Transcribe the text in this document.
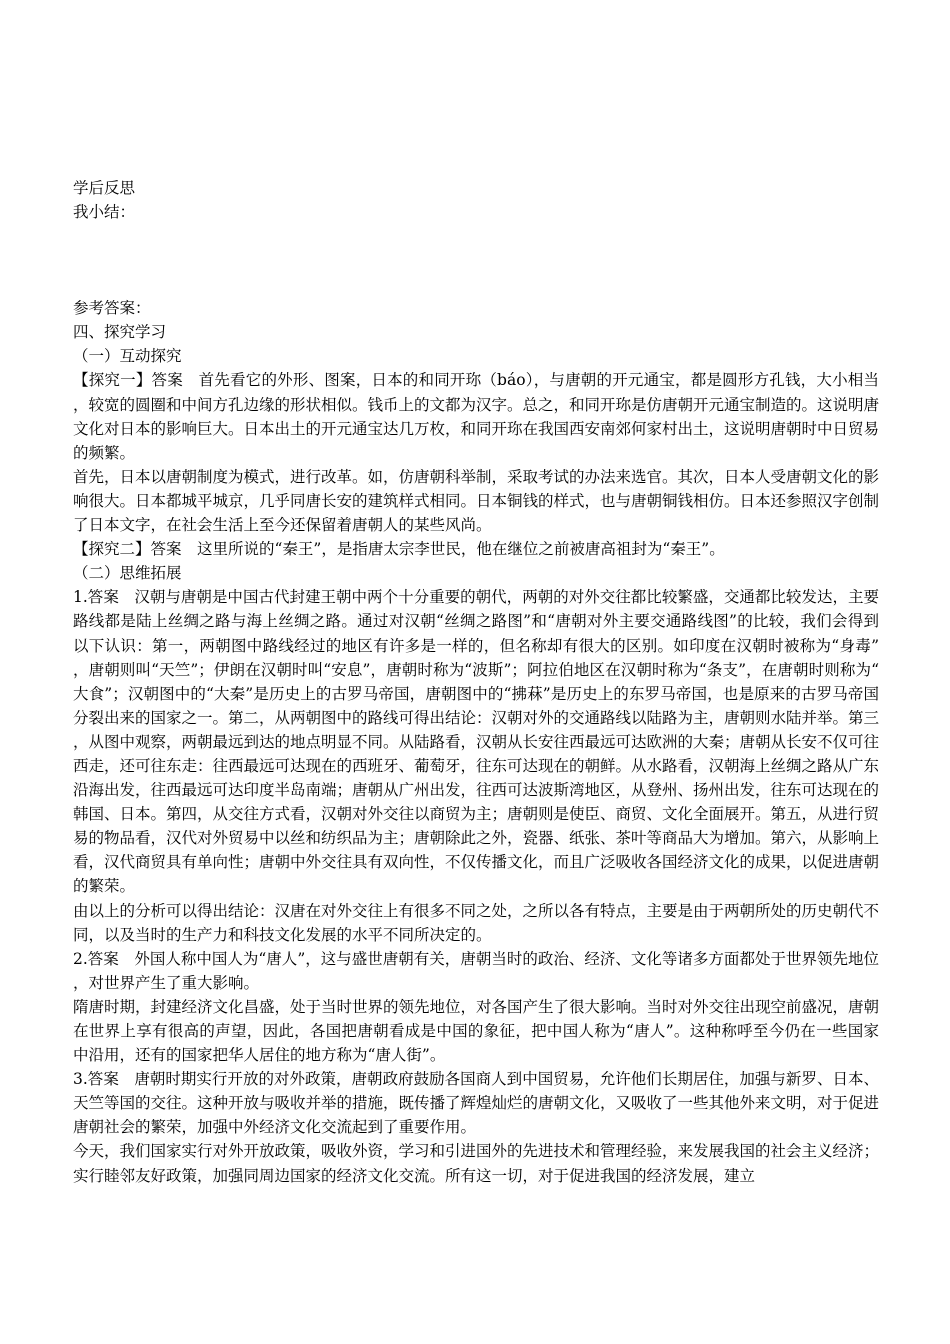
学后反思
我小结：
参考答案：
四、探究学习
（一）互动探究

【探究一】答案　首先看它的外形、图案，日本的和同开珎（báo），与唐朝的开元通宝，都是圆形方孔钱，大小相当，较宽的圆圈和中间方孔边缘的形状相似。钱币上的文都为汉字。总之，和同开珎是仿唐朝开元通宝制造的。这说明唐文化对日本的影响巨大。日本出土的开元通宝达几万枚，和同开珎在我国西安南郊何家村出土，这说明唐朝时中日贸易的频繁。

首先，日本以唐朝制度为模式，进行改革。如，仿唐朝科举制，采取考试的办法来选官。其次，日本人受唐朝文化的影响很大。日本都城平城京，几乎同唐长安的建筑样式相同。日本铜钱的样式，也与唐朝铜钱相仿。日本还参照汉字创制了日本文字，在社会生活上至今还保留着唐朝人的某些风尚。

【探究二】答案　这里所说的“秦王”，是指唐太宗李世民，他在继位之前被唐高祖封为“秦王”。

（二）思维拓展

1.答案　汉朝与唐朝是中国古代封建王朝中两个十分重要的朝代，两朝的对外交往都比较繁盛，交通都比较发达，主要路线都是陆上丝绸之路与海上丝绸之路。通过对汉朝“丝绸之路图”和“唐朝对外主要交通路线图”的比较，我们会得到以下认识：第一，两朝图中路线经过的地区有许多是一样的，但名称却有很大的区别。如印度在汉朝时被称为“身毒”，唐朝则叫“天竺”；伊朗在汉朝时叫“安息”，唐朝时称为“波斯”；阿拉伯地区在汉朝时称为“条支”，在唐朝时则称为“大食”；汉朝图中的“大秦”是历史上的古罗马帝国，唐朝图中的“拂菻”是历史上的东罗马帝国，也是原来的古罗马帝国分裂出来的国家之一。第二，从两朝图中的路线可得出结论：汉朝对外的交通路线以陆路为主，唐朝则水陆并举。第三，从图中观察，两朝最远到达的地点明显不同。从陆路看，汉朝从长安往西最远可达欧洲的大秦；唐朝从长安不仅可往西走，还可往东走：往西最远可达现在的西班牙、葡萄牙，往东可达现在的朝鲜。从水路看，汉朝海上丝绸之路从广东沿海出发，往西最远可达印度半岛南端；唐朝从广州出发，往西可达波斯湾地区，从登州、扬州出发，往东可达现在的韩国、日本。第四，从交往方式看，汉朝对外交往以商贸为主；唐朝则是使臣、商贸、文化全面展开。第五，从进行贸易的物品看，汉代对外贸易中以丝和纺织品为主；唐朝除此之外，瓷器、纸张、茶叶等商品大为增加。第六，从影响上看，汉代商贸具有单向性；唐朝中外交往具有双向性，不仅传播文化，而且广泛吸收各国经济文化的成果，以促进唐朝的繁荣。

由以上的分析可以得出结论：汉唐在对外交往上有很多不同之处，之所以各有特点，主要是由于两朝所处的历史朝代不同，以及当时的生产力和科技文化发展的水平不同所决定的。

2.答案　外国人称中国人为“唐人”，这与盛世唐朝有关，唐朝当时的政治、经济、文化等诸多方面都处于世界领先地位，对世界产生了重大影响。

隋唐时期，封建经济文化昌盛，处于当时世界的领先地位，对各国产生了很大影响。当时对外交往出现空前盛况，唐朝在世界上享有很高的声望，因此，各国把唐朝看成是中国的象征，把中国人称为“唐人”。这种称呼至今仍在一些国家中沿用，还有的国家把华人居住的地方称为“唐人街”。

3.答案　唐朝时期实行开放的对外政策，唐朝政府鼓励各国商人到中国贸易，允许他们长期居住，加强与新罗、日本、天竺等国的交往。这种开放与吸收并举的措施，既传播了辉煌灿烂的唐朝文化，又吸收了一些其他外来文明，对于促进唐朝社会的繁荣，加强中外经济文化交流起到了重要作用。

今天，我们国家实行对外开放政策，吸收外资，学习和引进国外的先进技术和管理经验，来发展我国的社会主义经济；实行睦邻友好政策，加强同周边国家的经济文化交流。所有这一切，对于促进我国的经济发展，建立
